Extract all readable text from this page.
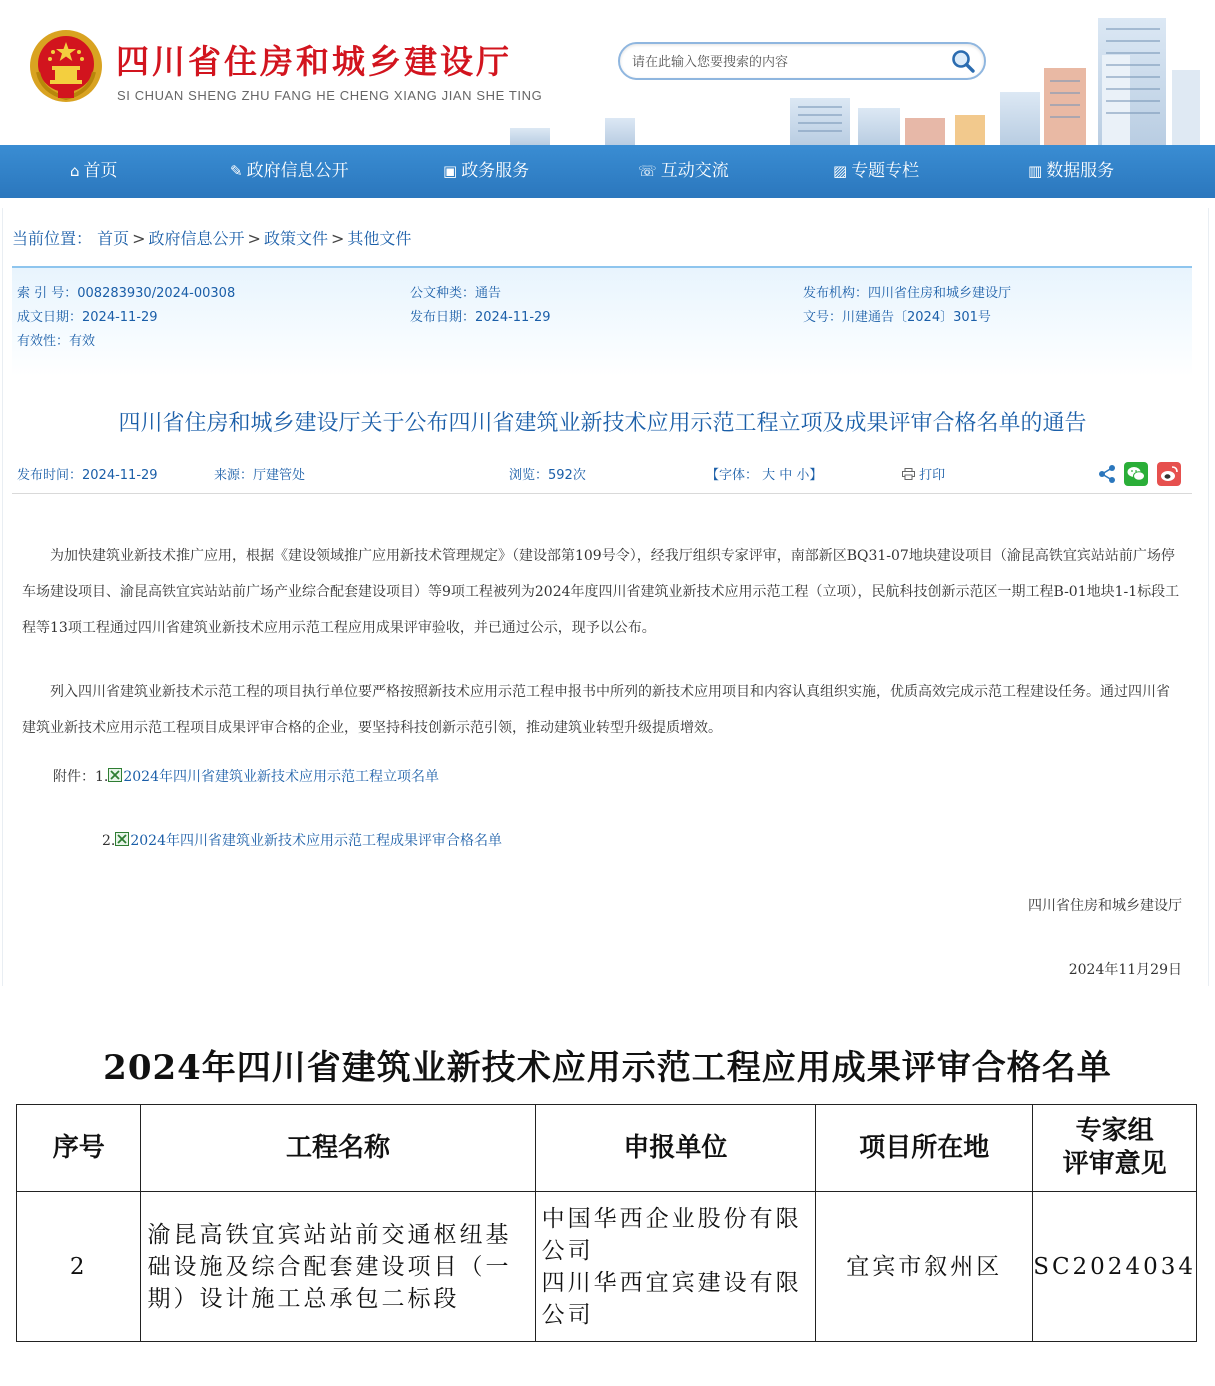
四川省住房和城乡建设厅
SI CHUAN SHENG ZHU FANG HE CHENG XIANG JIAN SHE TING
请在此输入您要搜索的内容
⌂ 首页	✎ 政府信息公开	▣ 政务服务	☏ 互动交流	▨ 专题专栏	▥ 数据服务
当前位置： 首页 > 政府信息公开 > 政策文件 > 其他文件
索 引 号：008283930/2024-00308	公文种类：通告	发布机构：四川省住房和城乡建设厅
成文日期：2024-11-29	发布日期：2024-11-29	文号：川建通告〔2024〕301号
有效性：有效
四川省住房和城乡建设厅关于公布四川省建筑业新技术应用示范工程立项及成果评审合格名单的通告
发布时间：2024-11-29	来源：厅建管处	浏览：592次	【字体： 大 中 小】	打印

为加快建筑业新技术推广应用，根据《建设领域推广应用新技术管理规定》（建设部第109号令），经我厅组织专家评审，南部新区BQ31-07地块建设项目（渝昆高铁宜宾站站前广场停车场建设项目、渝昆高铁宜宾站站前广场产业综合配套建设项目）等9项工程被列为2024年度四川省建筑业新技术应用示范工程（立项），民航科技创新示范区一期工程B-01地块1-1标段工程等13项工程通过四川省建筑业新技术应用示范工程应用成果评审验收，并已通过公示，现予以公布。

列入四川省建筑业新技术示范工程的项目执行单位要严格按照新技术应用示范工程申报书中所列的新技术应用项目和内容认真组织实施，优质高效完成示范工程建设任务。通过四川省建筑业新技术应用示范工程项目成果评审合格的企业，要坚持科技创新示范引领，推动建筑业转型升级提质增效。

附件：1. 2024年四川省建筑业新技术应用示范工程立项名单
2. 2024年四川省建筑业新技术应用示范工程成果评审合格名单
四川省住房和城乡建设厅
2024年11月29日
2024年四川省建筑业新技术应用示范工程应用成果评审合格名单
序号	工程名称	申报单位	项目所在地	专家组
评审意见

2	渝昆高铁宜宾站站前交通枢纽基础设施及综合配套建设项目（一期）设计施工总承包二标段	中国华西企业股份有限公司
四川华西宜宾建设有限公司	宜宾市叙州区	SC2024034
